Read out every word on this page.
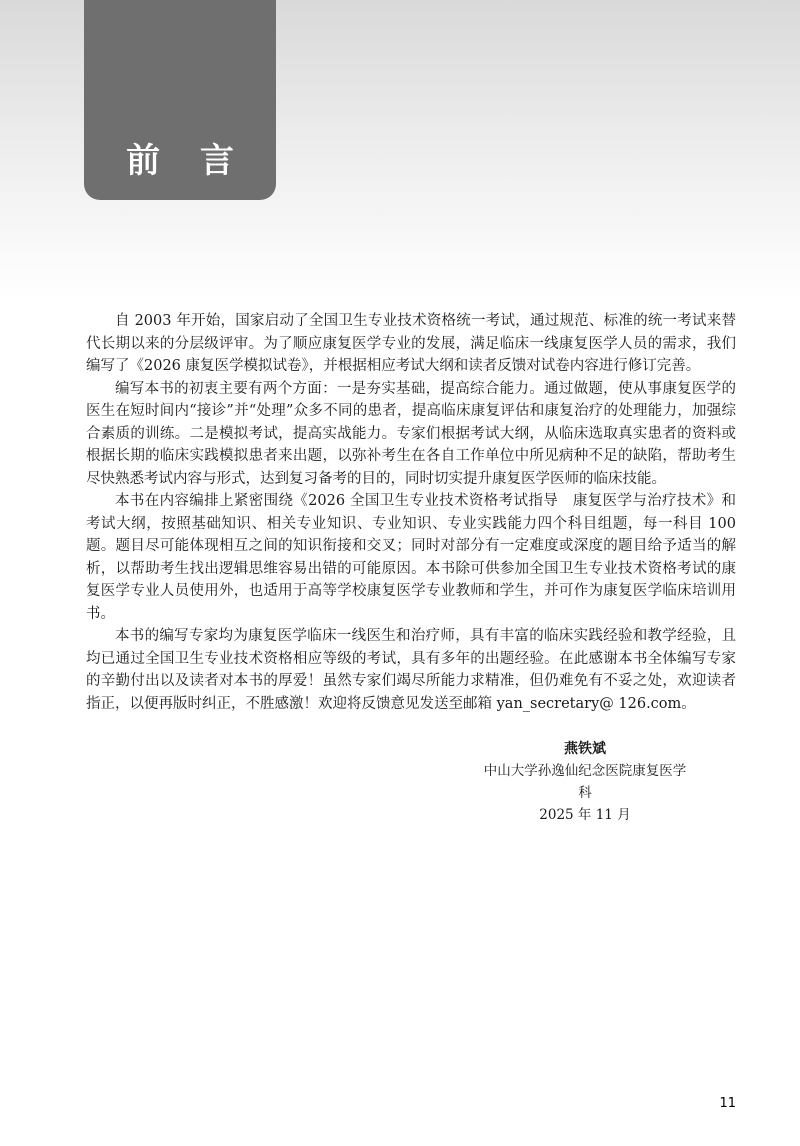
前 言

自 2003 年开始，国家启动了全国卫生专业技术资格统一考试，通过规范、标准的统一考试来替代长期以来的分层级评审。为了顺应康复医学专业的发展，满足临床一线康复医学人员的需求，我们编写了《2026 康复医学模拟试卷》，并根据相应考试大纲和读者反馈对试卷内容进行修订完善。

编写本书的初衷主要有两个方面：一是夯实基础，提高综合能力。通过做题，使从事康复医学的医生在短时间内“接诊”并“处理”众多不同的患者，提高临床康复评估和康复治疗的处理能力，加强综合素质的训练。二是模拟考试，提高实战能力。专家们根据考试大纲，从临床选取真实患者的资料或根据长期的临床实践模拟患者来出题，以弥补考生在各自工作单位中所见病种不足的缺陷，帮助考生尽快熟悉考试内容与形式，达到复习备考的目的，同时切实提升康复医学医师的临床技能。

本书在内容编排上紧密围绕《2026 全国卫生专业技术资格考试指导　康复医学与治疗技术》和考试大纲，按照基础知识、相关专业知识、专业知识、专业实践能力四个科目组题，每一科目 100 题。题目尽可能体现相互之间的知识衔接和交叉；同时对部分有一定难度或深度的题目给予适当的解析，以帮助考生找出逻辑思维容易出错的可能原因。本书除可供参加全国卫生专业技术资格考试的康复医学专业人员使用外，也适用于高等学校康复医学专业教师和学生，并可作为康复医学临床培训用书。

本书的编写专家均为康复医学临床一线医生和治疗师，具有丰富的临床实践经验和教学经验，且均已通过全国卫生专业技术资格相应等级的考试，具有多年的出题经验。在此感谢本书全体编写专家的辛勤付出以及读者对本书的厚爱！虽然专家们竭尽所能力求精准，但仍难免有不妥之处，欢迎读者指正，以便再版时纠正，不胜感激！欢迎将反馈意见发送至邮箱 yan_secretary@ 126.com。

燕铁斌
中山大学孙逸仙纪念医院康复医学科
2025 年 11 月
11
